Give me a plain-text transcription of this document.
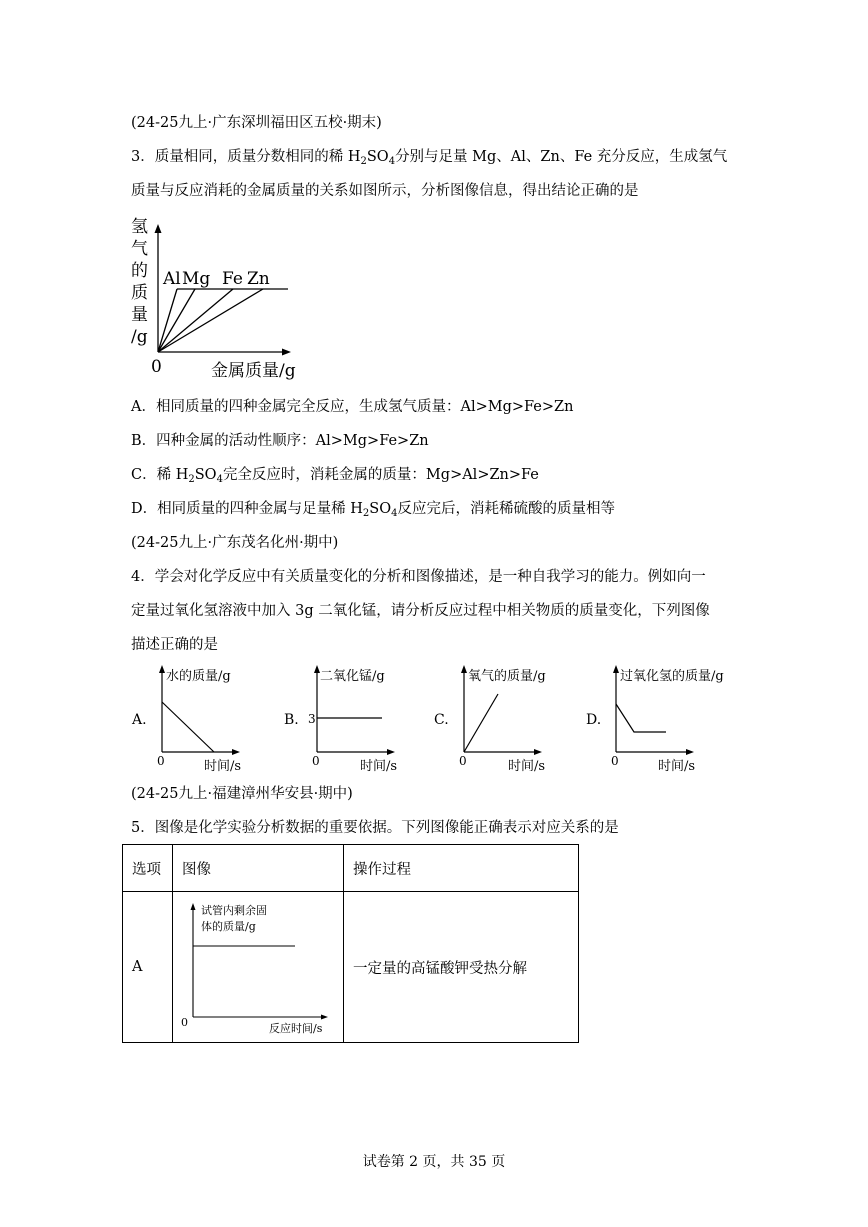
(24-25九上·广东深圳福田区五校·期末)
3．质量相同，质量分数相同的稀 $H_2SO_4$分别与足量 Mg、Al、Zn、Fe 充分反应，生成氢气
质量与反应消耗的金属质量的关系如图所示，分析图像信息，得出结论正确的是
氢
气
的
质
量
/g
0	金属质量/g
Al Mg Fe Zn
A．相同质量的四种金属完全反应，生成氢气质量：Al>Mg>Fe>Zn
B．四种金属的活动性顺序：Al>Mg>Fe>Zn
C．稀 $H_2SO_4$完全反应时，消耗金属的质量：Mg>Al>Zn>Fe
D．相同质量的四种金属与足量稀 $H_2SO_4$反应完后，消耗稀硫酸的质量相等
(24-25九上·广东茂名化州·期中)
4．学会对化学反应中有关质量变化的分析和图像描述，是一种自我学习的能力。例如向一
定量过氧化氢溶液中加入 3g 二氧化锰，请分析反应过程中相关物质的质量变化，下列图像
描述正确的是
A.
水的质量/g
0	时间/s
B.
二氧化锰/g
3
0	时间/s
C.
氧气的质量/g
0	时间/s
D.
过氧化氢的质量/g
0	时间/s
(24-25九上·福建漳州华安县·期中)
5．图像是化学实验分析数据的重要依据。下列图像能正确表示对应关系的是
选项	图像	操作过程
A	试管内剩余固
体的质量/g
0 反应时间/s	一定量的高锰酸钾受热分解
试卷第 2 页，共 35 页
